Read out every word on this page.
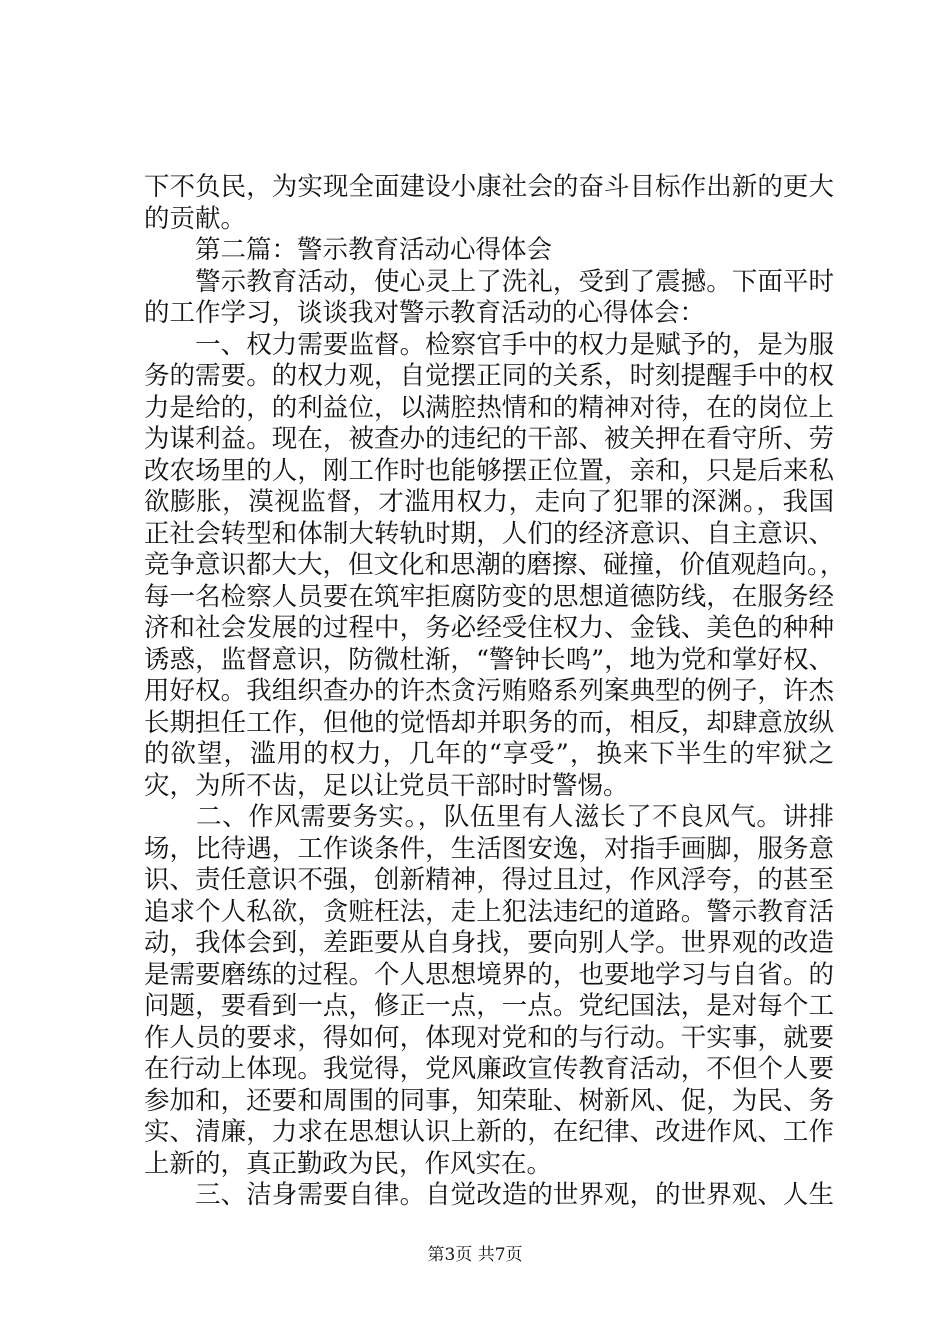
下不负民，为实现全面建设小康社会的奋斗目标作出新的更大
的贡献。
　　第二篇：警示教育活动心得体会
　　警示教育活动，使心灵上了洗礼，受到了震撼。下面平时
的工作学习，谈谈我对警示教育活动的心得体会：
　　一、权力需要监督。检察官手中的权力是赋予的，是为服
务的需要。的权力观，自觉摆正同的关系，时刻提醒手中的权
力是给的，的利益位，以满腔热情和的精神对待，在的岗位上
为谋利益。现在，被查办的违纪的干部、被关押在看守所、劳
改农场里的人，刚工作时也能够摆正位置，亲和，只是后来私
欲膨胀，漠视监督，才滥用权力，走向了犯罪的深渊。，我国
正社会转型和体制大转轨时期，人们的经济意识、自主意识、
竞争意识都大大，但文化和思潮的磨擦、碰撞，价值观趋向。，
每一名检察人员要在筑牢拒腐防变的思想道德防线，在服务经
济和社会发展的过程中，务必经受住权力、金钱、美色的种种
诱惑，监督意识，防微杜渐，“警钟长鸣”，地为党和掌好权、
用好权。我组织查办的许杰贪污贿赂系列案典型的例子，许杰
长期担任工作，但他的觉悟却并职务的而，相反，却肆意放纵
的欲望，滥用的权力，几年的“享受”，换来下半生的牢狱之
灾，为所不齿，足以让党员干部时时警惕。
　　二、作风需要务实。，队伍里有人滋长了不良风气。讲排
场，比待遇，工作谈条件，生活图安逸，对指手画脚，服务意
识、责任意识不强，创新精神，得过且过，作风浮夸，的甚至
追求个人私欲，贪赃枉法，走上犯法违纪的道路。警示教育活
动，我体会到，差距要从自身找，要向别人学。世界观的改造
是需要磨练的过程。个人思想境界的，也要地学习与自省。的
问题，要看到一点，修正一点，一点。党纪国法，是对每个工
作人员的要求，得如何，体现对党和的与行动。干实事，就要
在行动上体现。我觉得，党风廉政宣传教育活动，不但个人要
参加和，还要和周围的同事，知荣耻、树新风、促，为民、务
实、清廉，力求在思想认识上新的，在纪律、改进作风、工作
上新的，真正勤政为民，作风实在。
　　三、洁身需要自律。自觉改造的世界观，的世界观、人生
第3页 共7页
